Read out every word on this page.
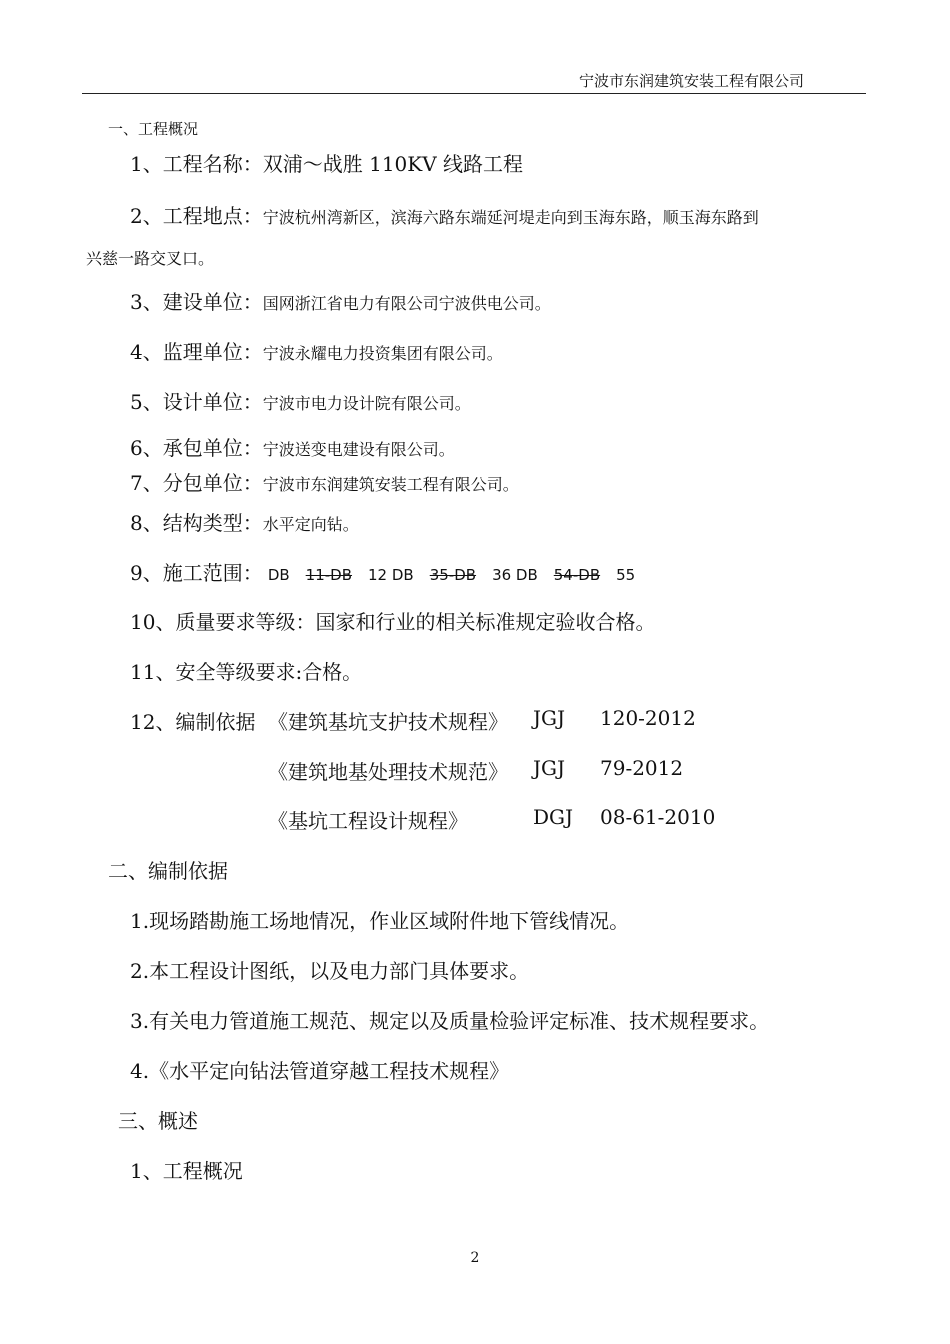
宁波市东润建筑安装工程有限公司
一、工程概况
1、工程名称：双浦～战胜 110KV 线路工程
2、工程地点：宁波杭州湾新区，滨海六路东端延河堤走向到玉海东路，顺玉海东路到
兴慈一路交叉口。
3、建设单位：国网浙江省电力有限公司宁波供电公司。
4、监理单位：宁波永耀电力投资集团有限公司。
5、设计单位：宁波市电力设计院有限公司。
6、承包单位：宁波送变电建设有限公司。
7、分包单位：宁波市东润建筑安装工程有限公司。
8、结构类型：水平定向钻。
9、施工范围： DB 11-DB 12 DB 35-DB 36 DB 54-DB 55
10、质量要求等级：国家和行业的相关标准规定验收合格。
11、安全等级要求:合格。
12、编制依据 《建筑基坑支护技术规程》 JGJ 120-2012
《建筑地基处理技术规范》 JGJ 79-2012
《基坑工程设计规程》	DGJ 08-61-2010
二、编制依据
1.现场踏勘施工场地情况，作业区域附件地下管线情况。
2.本工程设计图纸，以及电力部门具体要求。
3.有关电力管道施工规范、规定以及质量检验评定标准、技术规程要求。
4.《水平定向钻法管道穿越工程技术规程》
三、概述
1、工程概况
2
